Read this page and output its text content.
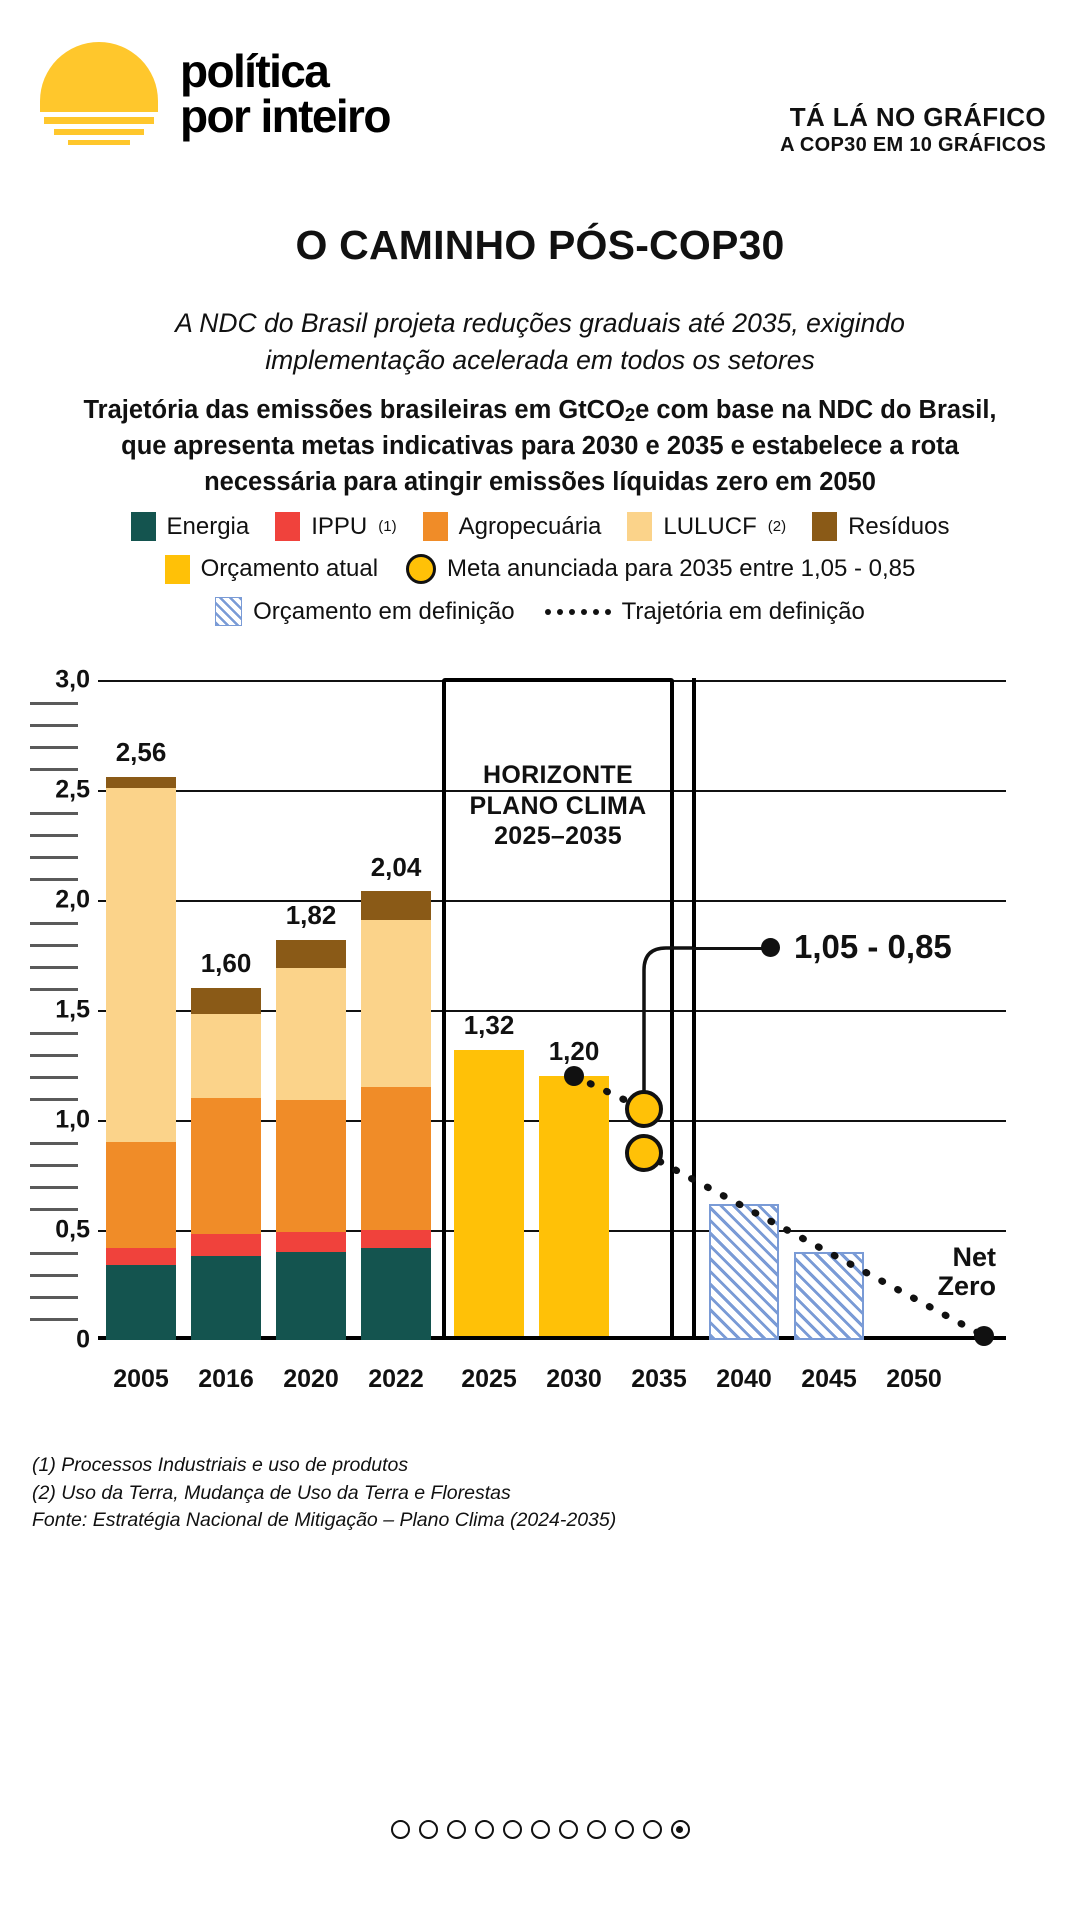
política
por inteiro	TÁ LÁ NO GRÁFICO
A COP30 EM 10 GRÁFICOS
O CAMINHO PÓS-COP30
A NDC do Brasil projeta reduções graduais até 2035, exigindo implementação acelerada em todos os setores
Trajetória das emissões brasileiras em GtCO$_2$e com base na NDC do Brasil, que apresenta metas indicativas para 2030 e 2035 e estabelece a rota necessária para atingir emissões líquidas zero em 2050
Energia	IPPU (1)	Agropecuária	LULUCF (2)	Resíduos
Orçamento atual	Meta anunciada para 2035 entre 1,05 - 0,85
Orçamento em definição	Trajetória em definição
3,0
2,5
2,0
1,5
1,0
0,5
0
2,56
1,60
1,82
2,04
1,32
1,20
HORIZONTE
PLANO CLIMA
2025–2035
1,05 - 0,85
Net
Zero
2005 2016 2020 2022 2025 2030 2035 2040 2045 2050
(1) Processos Industriais e uso de produtos
(2) Uso da Terra, Mudança de Uso da Terra e Florestas
Fonte: Estratégia Nacional de Mitigação – Plano Clima (2024-2035)
